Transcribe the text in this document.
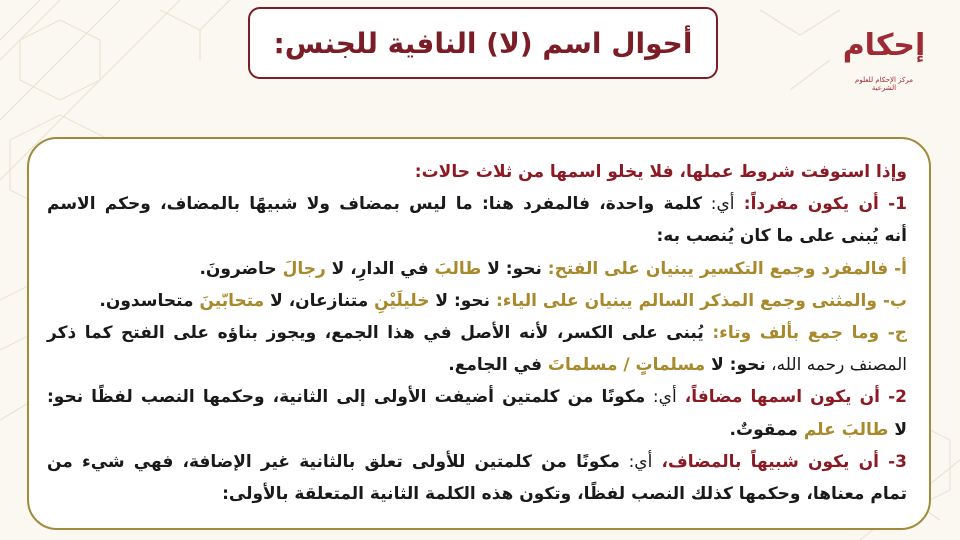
أحوال اسم (لا) النافية للجنس:	إحكام
مركز الإحكام للعلوم الشرعية
وإذا استوفت شروط عملها، فلا يخلو اسمها من ثلاث حالات:
1- أن يكون مفرداً: أي: كلمة واحدة، فالمفرد هنا: ما ليس بمضاف ولا شبيهًا بالمضاف، وحكم الاسم
أنه يُبنى على ما كان يُنصب به:
أ- فالمفرد وجمع التكسير يبنيان على الفتح: نحو: لا طالبَ في الدارِ، لا رجالَ حاضرونَ.
ب- والمثنى وجمع المذكر السالم يبنيان على الياء: نحو: لا خليلَيْنِ متنازعان، لا متحابّينَ متحاسدون.
ج- وما جمع بألف وتاء: يُبنى على الكسر، لأنه الأصل في هذا الجمع، ويجوز بناؤه على الفتح كما ذكر
المصنف رحمه الله، نحو: لا مسلماتٍ / مسلماتَ في الجامع.
2- أن يكون اسمها مضافاً، أي: مكونًا من كلمتين أضيفت الأولى إلى الثانية، وحكمها النصب لفظًا نحو:
لا طالبَ علم ممقوتٌ.
3- أن يكون شبيهاً بالمضاف، أي: مكونًا من كلمتين للأولى تعلق بالثانية غير الإضافة، فهي شيء من
تمام معناها، وحكمها كذلك النصب لفظًا، وتكون هذه الكلمة الثانية المتعلقة بالأولى:
